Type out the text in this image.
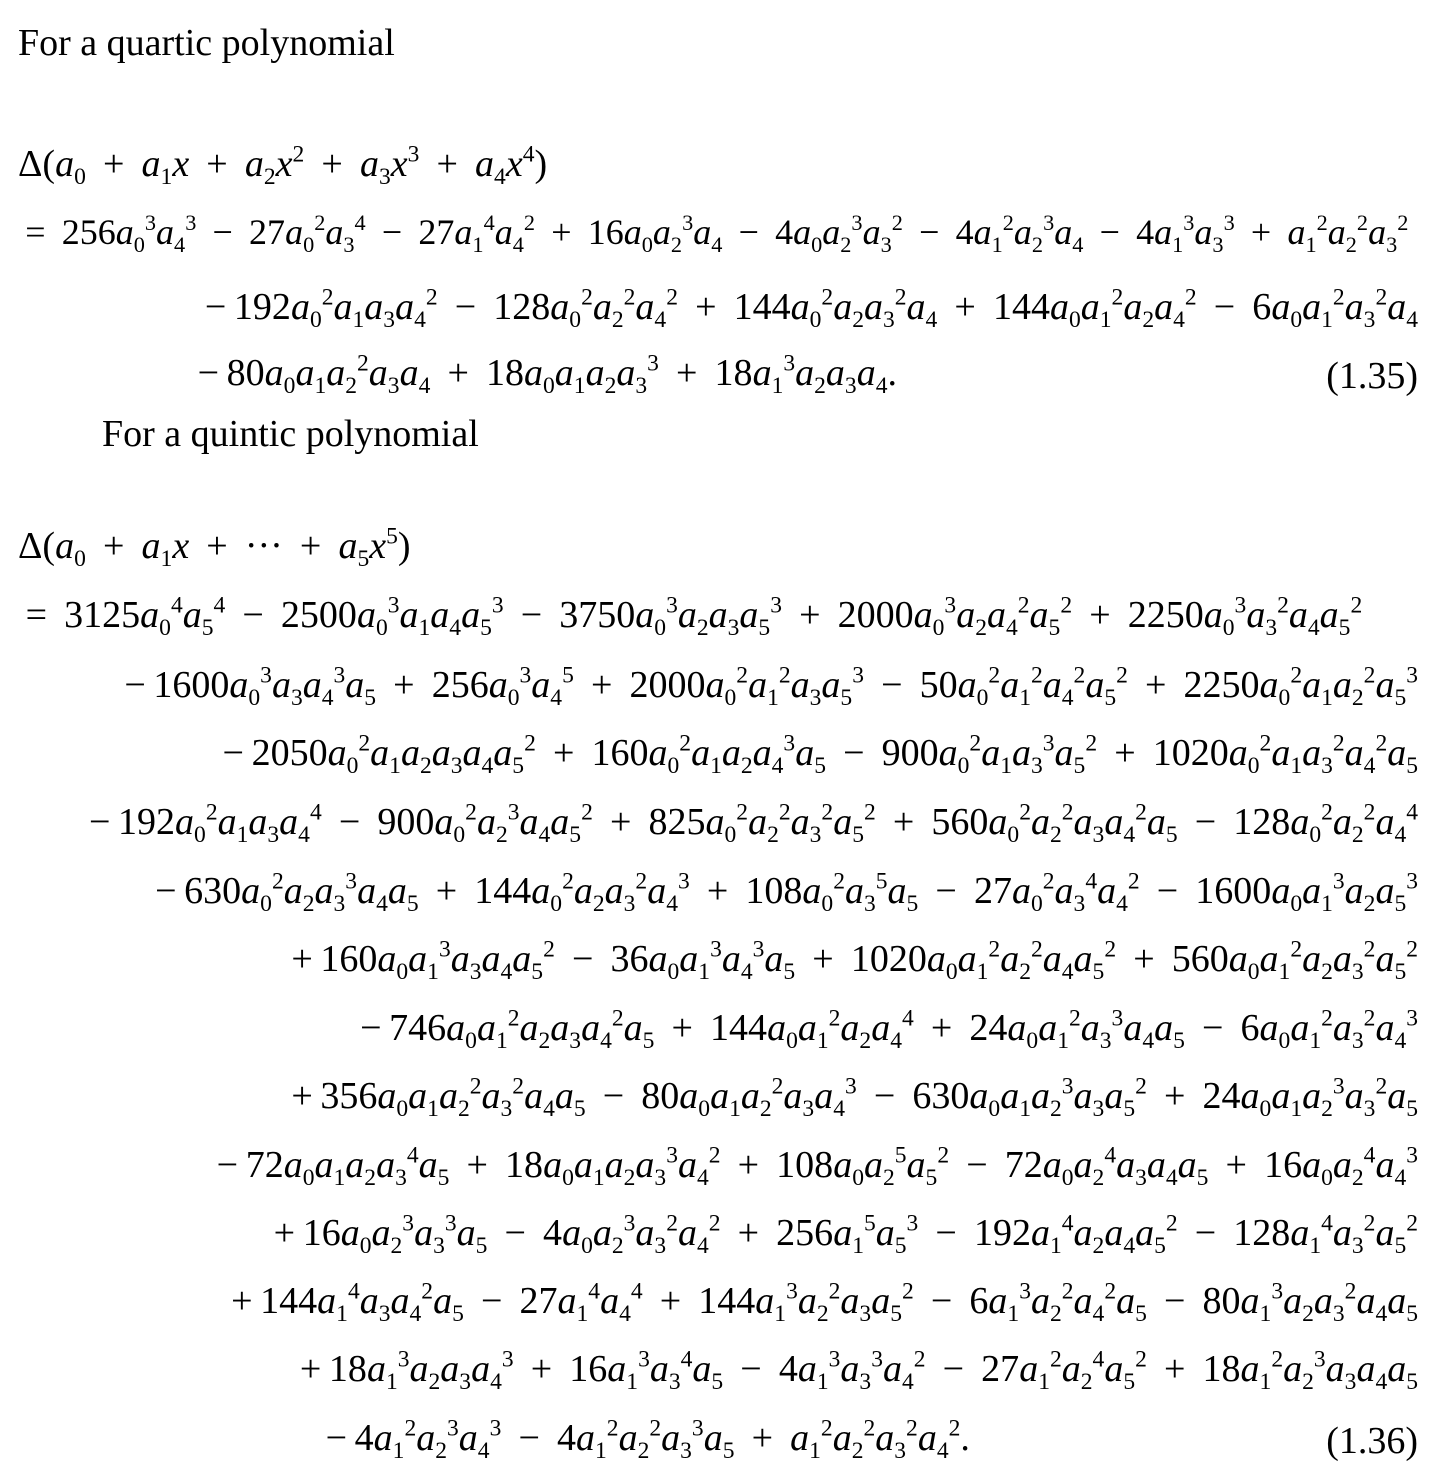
For a quartic polynomial
$\Delta(a_0 + a_1x + a_2x^2 + a_3x^3 + a_4x^4)$
 =  $256a_0^3a_4^3 - 27a_0^2a_3^4 - 27a_1^4a_4^2 + 16a_0a_2^3a_4 - 4a_0a_2^3a_3^2 - 4a_1^2a_2^3a_4 - 4a_1^3a_3^3 + a_1^2a_2^2a_3^2$
 − $192a_0^2a_1a_3a_4^2 - 128a_0^2a_2^2a_4^2 + 144a_0^2a_2a_3^2a_4 + 144a_0a_1^2a_2a_4^2 - 6a_0a_1^2a_3^2a_4$
 − $80a_0a_1a_2^2a_3a_4 + 18a_0a_1a_2a_3^3 + 18a_1^3a_2a_3a_4$.	(1.35)
For a quintic polynomial
$\Delta(a_0 + a_1x$  +  ···  +  $a_5x^5$)
 =  $3125a_0^4a_5^4 - 2500a_0^3a_1a_4a_5^3 - 3750a_0^3a_2a_3a_5^3 + 2000a_0^3a_2a_4^2a_5^2 + 2250a_0^3a_3^2a_4a_5^2$
 − $1600a_0^3a_3a_4^3a_5 + 256a_0^3a_4^5 + 2000a_0^2a_1^2a_3a_5^3 - 50a_0^2a_1^2a_4^2a_5^2 + 2250a_0^2a_1a_2^2a_5^3$
 − $2050a_0^2a_1a_2a_3a_4a_5^2 + 160a_0^2a_1a_2a_4^3a_5 - 900a_0^2a_1a_3^3a_5^2 + 1020a_0^2a_1a_3^2a_4^2a_5$
 − $192a_0^2a_1a_3a_4^4 - 900a_0^2a_2^3a_4a_5^2 + 825a_0^2a_2^2a_3^2a_5^2 + 560a_0^2a_2^2a_3a_4^2a_5 - 128a_0^2a_2^2a_4^4$
 − $630a_0^2a_2a_3^3a_4a_5 + 144a_0^2a_2a_3^2a_4^3 + 108a_0^2a_3^5a_5 - 27a_0^2a_3^4a_4^2 - 1600a_0a_1^3a_2a_5^3$
 + $160a_0a_1^3a_3a_4a_5^2 - 36a_0a_1^3a_4^3a_5 + 1020a_0a_1^2a_2^2a_4a_5^2 + 560a_0a_1^2a_2a_3^2a_5^2$
 − $746a_0a_1^2a_2a_3a_4^2a_5 + 144a_0a_1^2a_2a_4^4 + 24a_0a_1^2a_3^3a_4a_5 - 6a_0a_1^2a_3^2a_4^3$
 + $356a_0a_1a_2^2a_3^2a_4a_5 - 80a_0a_1a_2^2a_3a_4^3 - 630a_0a_1a_2^3a_3a_5^2 + 24a_0a_1a_2^3a_3^2a_5$
 − $72a_0a_1a_2a_3^4a_5 + 18a_0a_1a_2a_3^3a_4^2 + 108a_0a_2^5a_5^2 - 72a_0a_2^4a_3a_4a_5 + 16a_0a_2^4a_4^3$
 + $16a_0a_2^3a_3^3a_5 - 4a_0a_2^3a_3^2a_4^2 + 256a_1^5a_5^3 - 192a_1^4a_2a_4a_5^2 - 128a_1^4a_3^2a_5^2$
 + $144a_1^4a_3a_4^2a_5 - 27a_1^4a_4^4 + 144a_1^3a_2^2a_3a_5^2 - 6a_1^3a_2^2a_4^2a_5 - 80a_1^3a_2a_3^2a_4a_5$
 + $18a_1^3a_2a_3a_4^3 + 16a_1^3a_3^4a_5 - 4a_1^3a_3^3a_4^2 - 27a_1^2a_2^4a_5^2 + 18a_1^2a_2^3a_3a_4a_5$
 − $4a_1^2a_2^3a_4^3 - 4a_1^2a_2^2a_3^3a_5 + a_1^2a_2^2a_3^2a_4^2$.	(1.36)
